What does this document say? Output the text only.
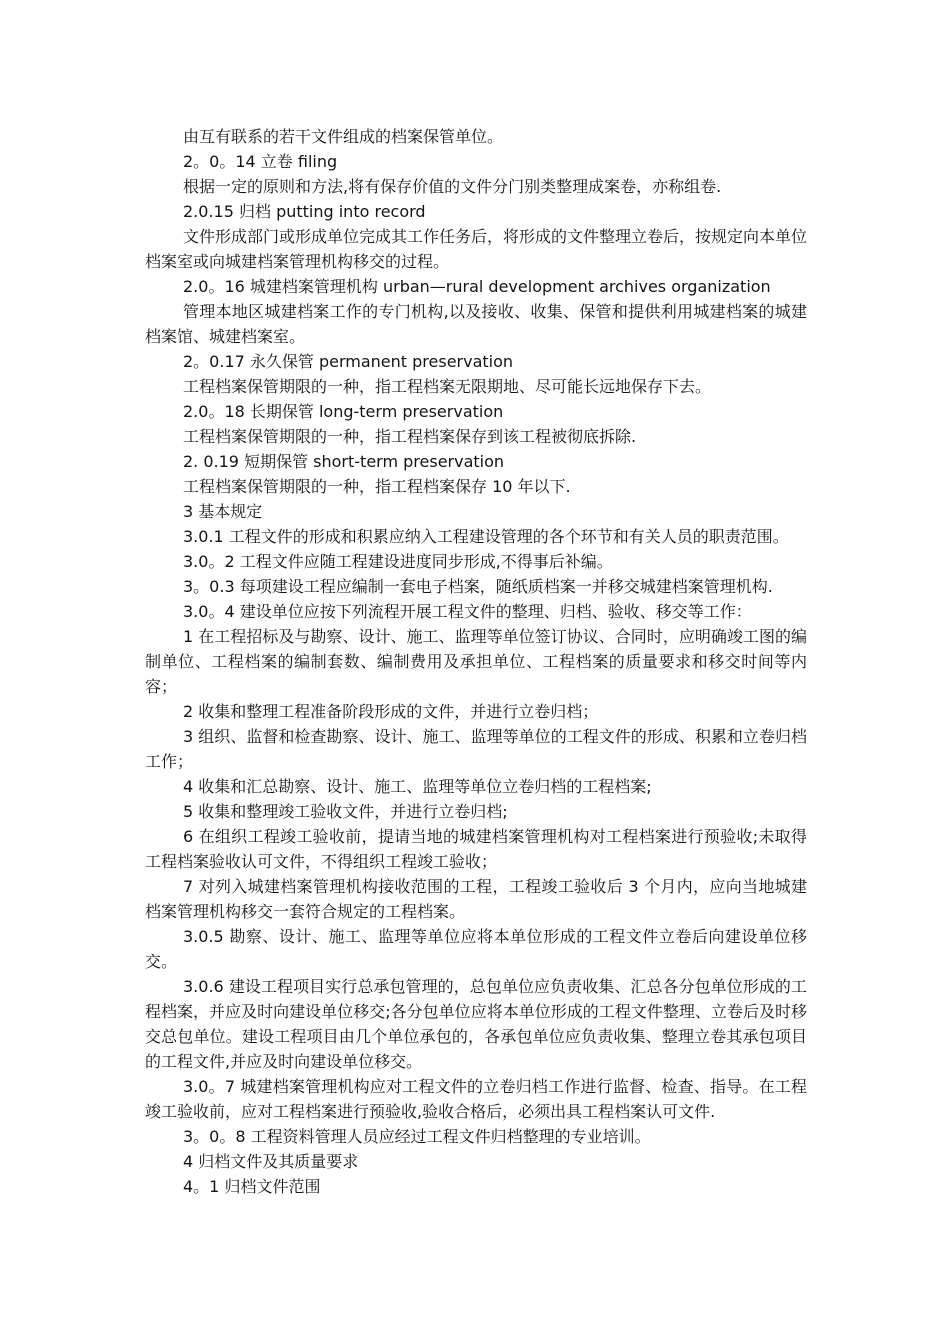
由互有联系的若干文件组成的档案保管单位。

2。0。14 立卷 filing

根据一定的原则和方法,将有保存价值的文件分门别类整理成案卷，亦称组卷.

2.0.15 归档 putting into record

文件形成部门或形成单位完成其工作任务后，将形成的文件整理立卷后，按规定向本单位档案室或向城建档案管理机构移交的过程。

2.0。16 城建档案管理机构 urban—rural development archives organization

管理本地区城建档案工作的专门机构,以及接收、收集、保管和提供利用城建档案的城建档案馆、城建档案室。

2。0.17 永久保管 permanent preservation

工程档案保管期限的一种，指工程档案无限期地、尽可能长远地保存下去。

2.0。18 长期保管 long-term preservation

工程档案保管期限的一种，指工程档案保存到该工程被彻底拆除.

2. 0.19 短期保管 short-term preservation

工程档案保管期限的一种，指工程档案保存 10 年以下.

3 基本规定

3.0.1 工程文件的形成和积累应纳入工程建设管理的各个环节和有关人员的职责范围。

3.0。2 工程文件应随工程建设进度同步形成,不得事后补编。

3。0.3 每项建设工程应编制一套电子档案，随纸质档案一并移交城建档案管理机构.

3.0。4 建设单位应按下列流程开展工程文件的整理、归档、验收、移交等工作：

1 在工程招标及与勘察、设计、施工、监理等单位签订协议、合同时，应明确竣工图的编制单位、工程档案的编制套数、编制费用及承担单位、工程档案的质量要求和移交时间等内容；

2 收集和整理工程准备阶段形成的文件，并进行立卷归档；

3 组织、监督和检查勘察、设计、施工、监理等单位的工程文件的形成、积累和立卷归档工作；

4 收集和汇总勘察、设计、施工、监理等单位立卷归档的工程档案;

5 收集和整理竣工验收文件，并进行立卷归档;

6 在组织工程竣工验收前，提请当地的城建档案管理机构对工程档案进行预验收;未取得工程档案验收认可文件，不得组织工程竣工验收；

7 对列入城建档案管理机构接收范围的工程，工程竣工验收后 3 个月内，应向当地城建档案管理机构移交一套符合规定的工程档案。

3.0.5 勘察、设计、施工、监理等单位应将本单位形成的工程文件立卷后向建设单位移交。

3.0.6 建设工程项目实行总承包管理的，总包单位应负责收集、汇总各分包单位形成的工程档案，并应及时向建设单位移交;各分包单位应将本单位形成的工程文件整理、立卷后及时移交总包单位。建设工程项目由几个单位承包的，各承包单位应负责收集、整理立卷其承包项目的工程文件,并应及时向建设单位移交。

3.0。7 城建档案管理机构应对工程文件的立卷归档工作进行监督、检查、指导。在工程竣工验收前，应对工程档案进行预验收,验收合格后，必须出具工程档案认可文件.

3。0。8 工程资料管理人员应经过工程文件归档整理的专业培训。

4 归档文件及其质量要求

4。1 归档文件范围
